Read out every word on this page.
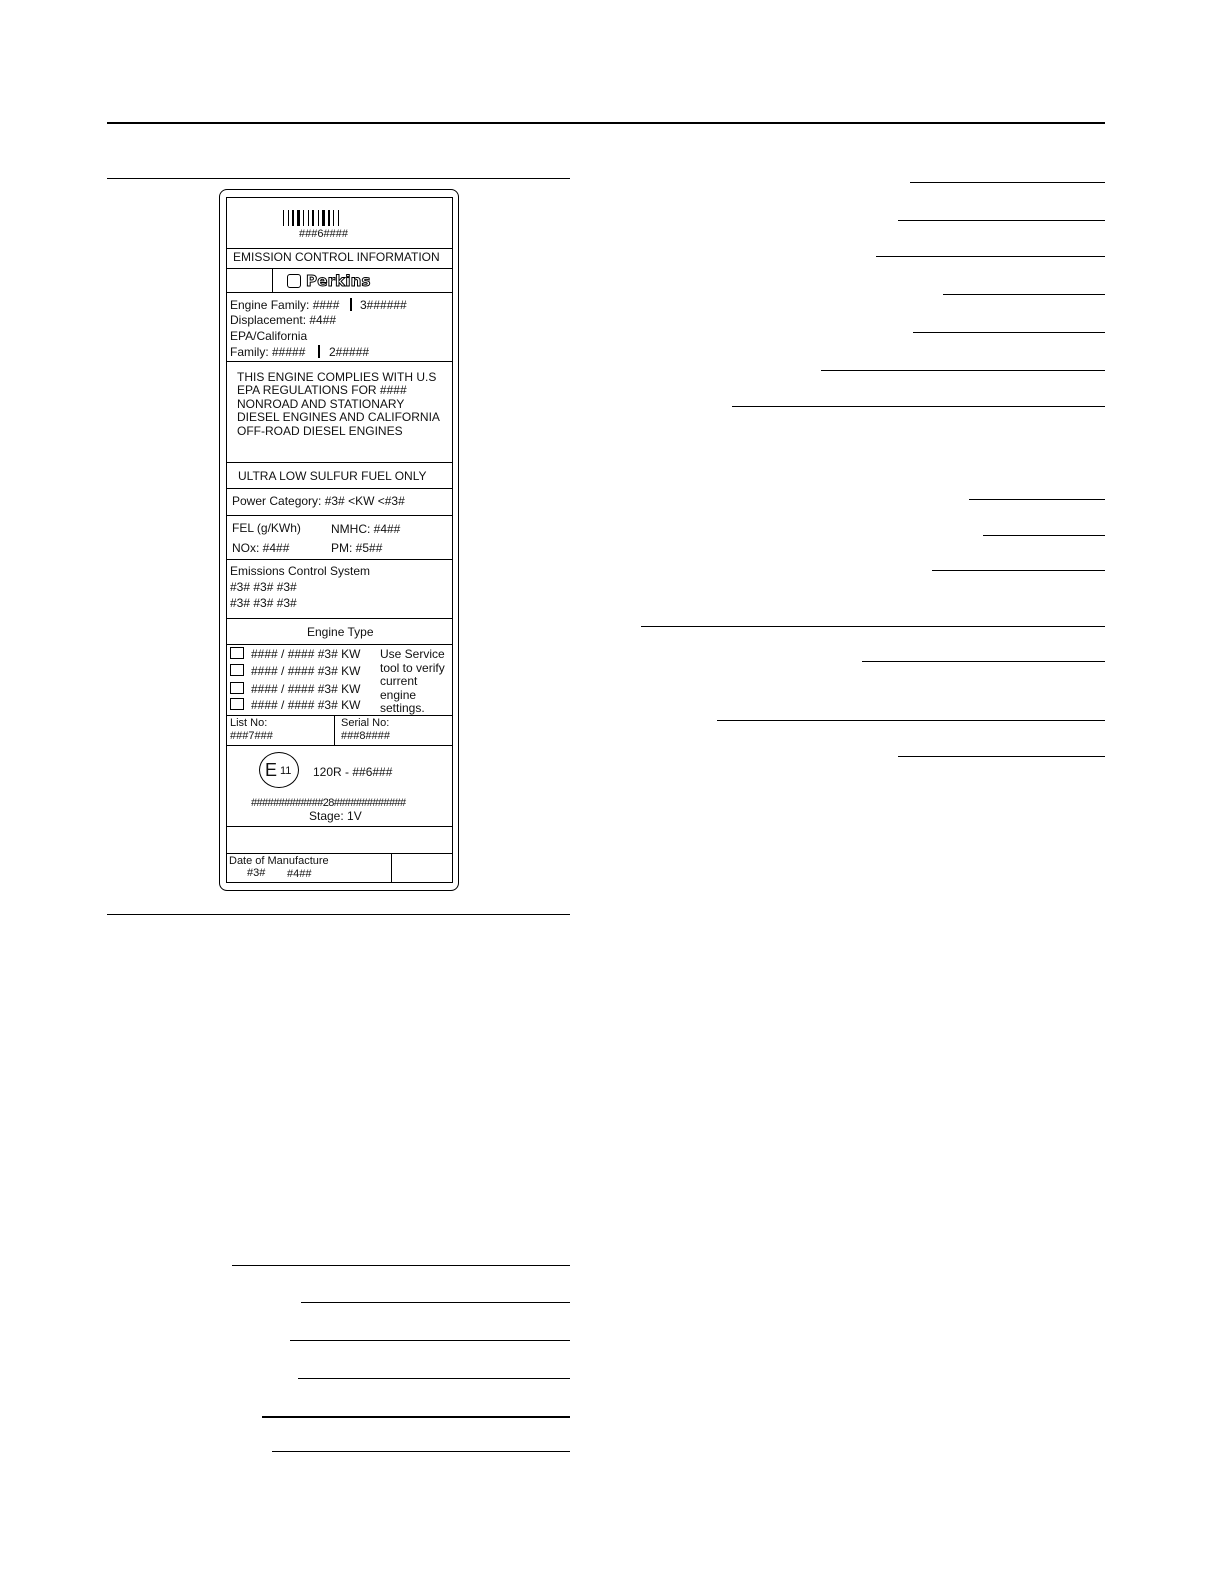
###6####
EMISSION CONTROL INFORMATION
Perkins
Engine Family: #### 3######
Displacement: #4##
EPA/California
Family: ##### 2#####
THIS ENGINE COMPLIES WITH U.S
EPA REGULATIONS FOR ####
NONROAD AND STATIONARY
DIESEL ENGINES AND CALIFORNIA
OFF-ROAD DIESEL ENGINES
ULTRA LOW SULFUR FUEL ONLY
Power Category: #3# <KW <#3#
FEL (g/KWh)	NMHC: #4##
NOx: #4##	PM: #5##
Emissions Control System
#3# #3# #3#
#3# #3# #3#
Engine Type
#### / #### #3# KW
#### / #### #3# KW
#### / #### #3# KW
#### / #### #3# KW
Use Service
tool to verify
current
engine
settings.
List No:
###7###
Serial No:
###8####
E 11 120R - ##6###
#############28#############
Stage: 1V
Date of Manufacture
#3# #4##
